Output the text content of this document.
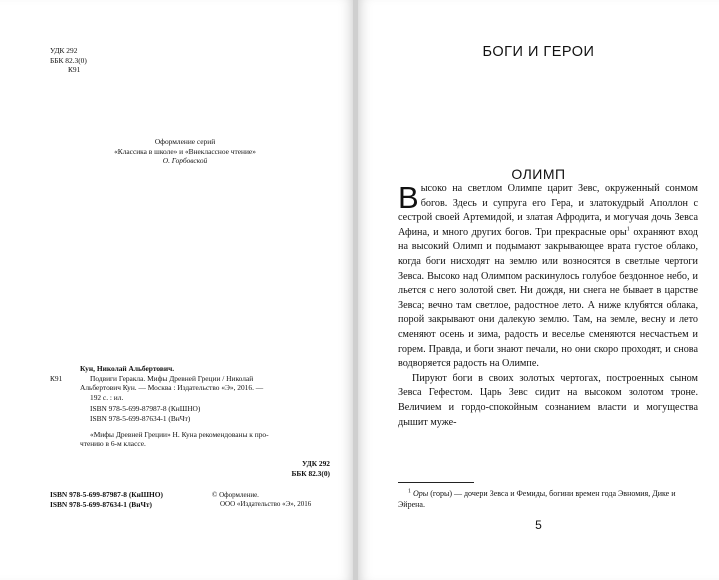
УДК 292
ББК 82.3(0)
К91
Оформление серий
«Классика в школе» и «Внеклассное чтение»
О. Горбовской
Кун, Николай Альбертович.
Подвиги Геракла. Мифы Древней Греции / Николай
Альбертович Кун. — Москва : Издательство «Э», 2016. —
192 с. : ил.
ISBN 978-5-699-87987-8 (КнШНО)
ISBN 978-5-699-87634-1 (ВнЧт)
«Мифы Древней Греции» Н. Куна рекомендованы к про-
чтению в 6-м классе.
К91
УДК 292
ББК 82.3(0)
ISBN 978-5-699-87987-8 (КнШНО)
ISBN 978-5-699-87634-1 (ВнЧт)
© Оформление.
ООО «Издательство «Э», 2016
БОГИ И ГЕРОИ
ОЛИМП

Высоко на светлом Олимпе царит Зевс, окруженный сонмом богов. Здесь и супруга его Гера, и златокудрый Аполлон с сестрой своей Артемидой, и златая Афродита, и могучая дочь Зевса Афина, и много других богов. Три прекрасные оры$^1$ охраняют вход на высокий Олимп и подымают закрывающее врата густое облако, когда боги нисходят на землю или возносятся в светлые чертоги Зевса. Высоко над Олимпом раскинулось голубое бездонное небо, и льется с него золотой свет. Ни дождя, ни снега не бывает в царстве Зевса; вечно там светлое, радостное лето. А ниже клубятся облака, порой закрывают они далекую землю. Там, на земле, весну и лето сменяют осень и зима, радость и веселье сменяются несчастьем и горем. Правда, и боги знают печали, но они скоро проходят, и снова водворяется радость на Олимпе.

Пируют боги в своих золотых чертогах, построенных сыном Зевса Гефестом. Царь Зевс сидит на высоком золотом троне. Величием и гордо-спокойным сознанием власти и могущества дышит муже-

$^1$ Оры (горы) — дочери Зевса и Фемиды, богини времен года Эвномия, Дике и Эйрена.
5
